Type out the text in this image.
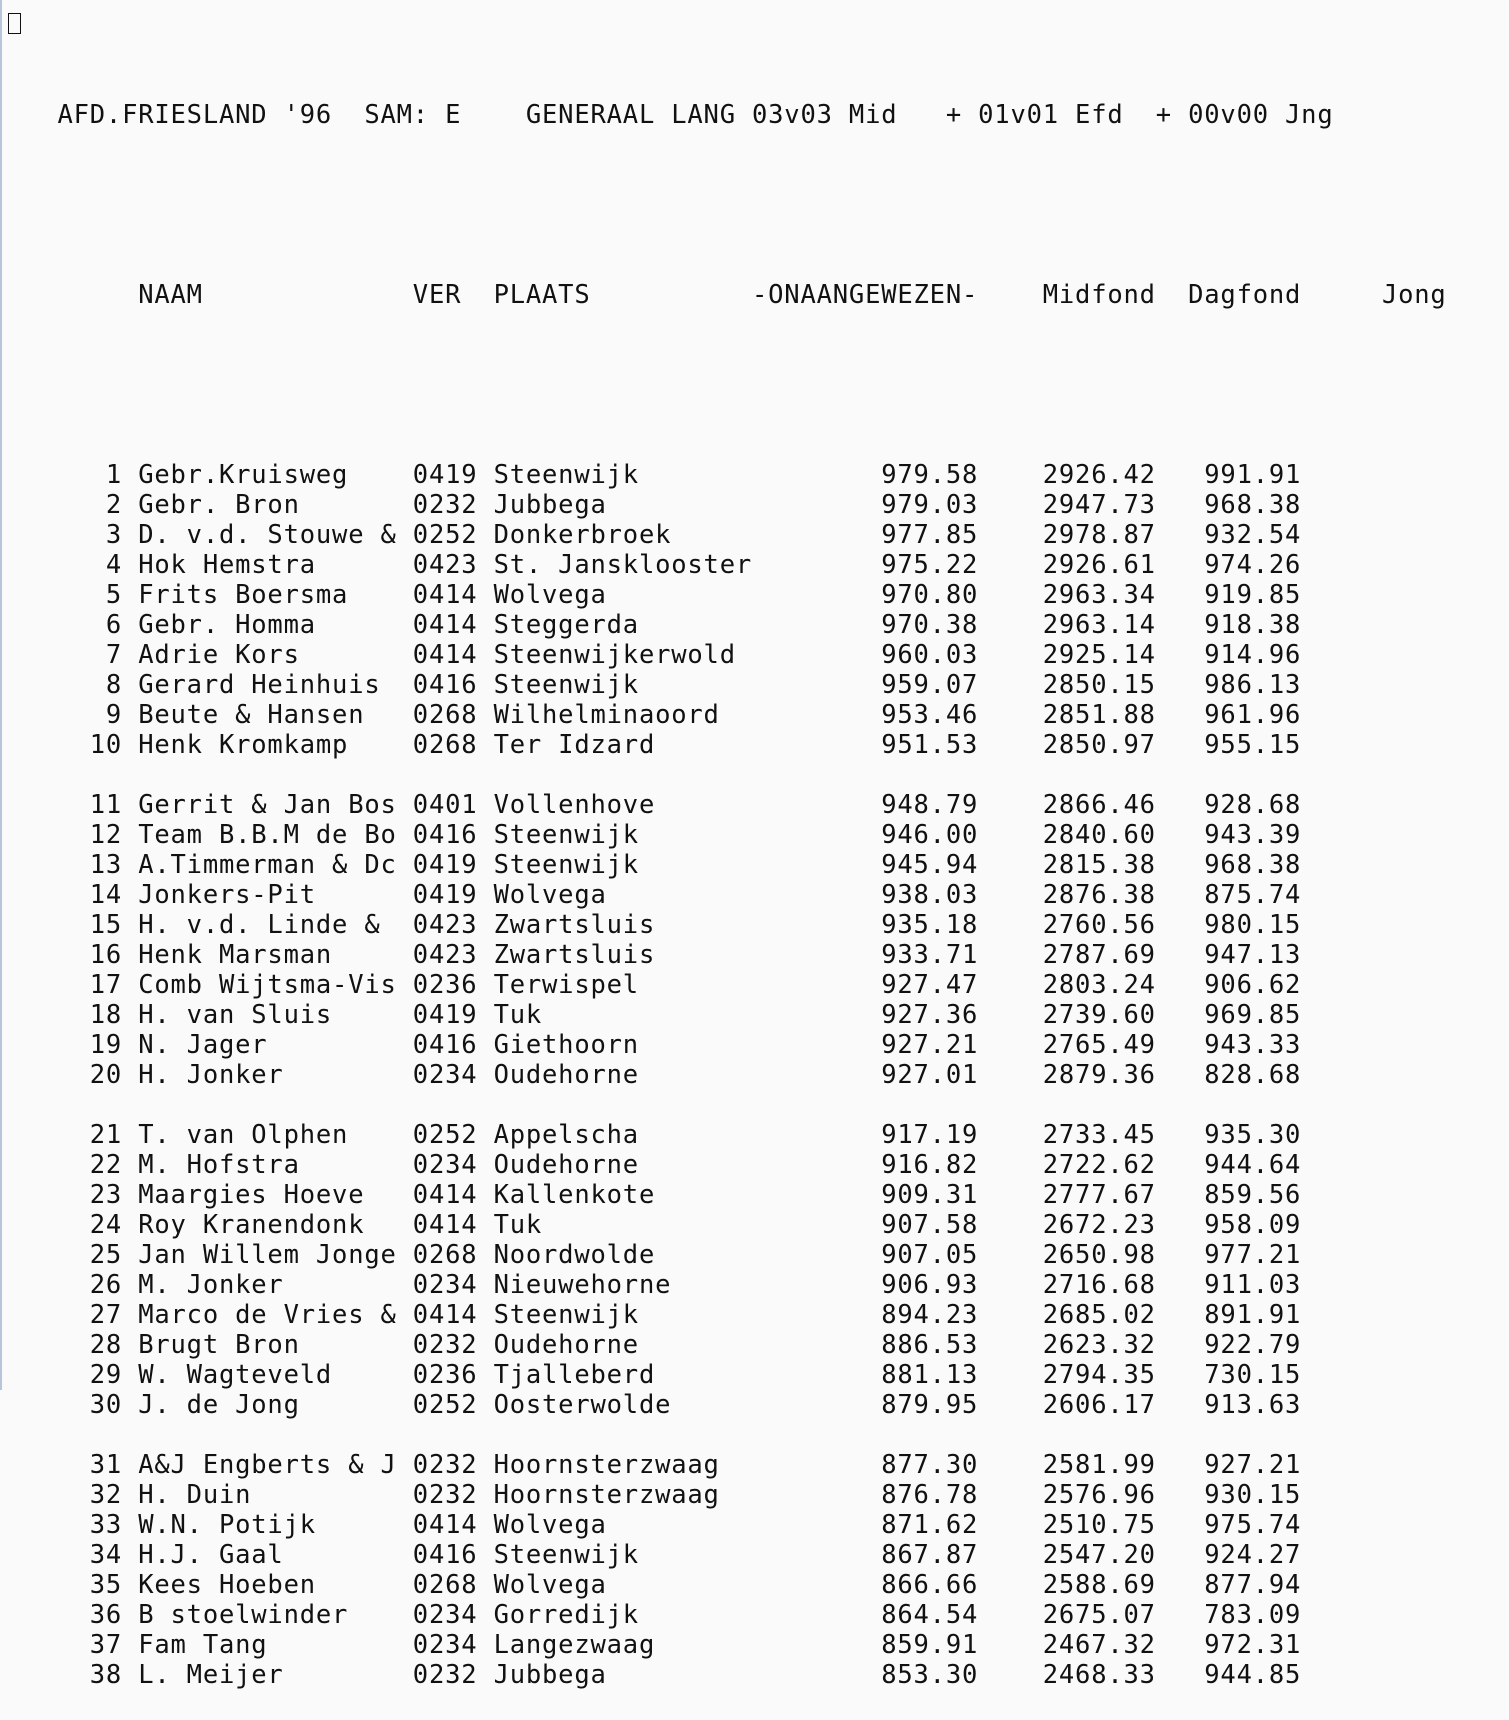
AFD.FRIESLAND '96  SAM: E    GENERAAL LANG 03v03 Mid   + 01v01 Efd  + 00v00 Jng

NAAM             VER  PLAATS          -ONAANGEWEZEN-    Midfond  Dagfond     Jong

1 Gebr.Kruisweg    0419 Steenwijk               979.58    2926.42   991.91
2 Gebr. Bron       0232 Jubbega                 979.03    2947.73   968.38
3 D. v.d. Stouwe & 0252 Donkerbroek             977.85    2978.87   932.54
4 Hok Hemstra      0423 St. Jansklooster        975.22    2926.61   974.26
5 Frits Boersma    0414 Wolvega                 970.80    2963.34   919.85
6 Gebr. Homma      0414 Steggerda               970.38    2963.14   918.38
7 Adrie Kors       0414 Steenwijkerwold         960.03    2925.14   914.96
8 Gerard Heinhuis  0416 Steenwijk               959.07    2850.15   986.13
9 Beute & Hansen   0268 Wilhelminaoord          953.46    2851.88   961.96
10 Henk Kromkamp    0268 Ter Idzard              951.53    2850.97   955.15
11 Gerrit & Jan Bos 0401 Vollenhove              948.79    2866.46   928.68
12 Team B.B.M de Bo 0416 Steenwijk               946.00    2840.60   943.39
13 A.Timmerman & Dc 0419 Steenwijk               945.94    2815.38   968.38
14 Jonkers-Pit      0419 Wolvega                 938.03    2876.38   875.74
15 H. v.d. Linde &  0423 Zwartsluis              935.18    2760.56   980.15
16 Henk Marsman     0423 Zwartsluis              933.71    2787.69   947.13
17 Comb Wijtsma-Vis 0236 Terwispel               927.47    2803.24   906.62
18 H. van Sluis     0419 Tuk                     927.36    2739.60   969.85
19 N. Jager         0416 Giethoorn               927.21    2765.49   943.33
20 H. Jonker        0234 Oudehorne               927.01    2879.36   828.68
21 T. van Olphen    0252 Appelscha               917.19    2733.45   935.30
22 M. Hofstra       0234 Oudehorne               916.82    2722.62   944.64
23 Maargies Hoeve   0414 Kallenkote              909.31    2777.67   859.56
24 Roy Kranendonk   0414 Tuk                     907.58    2672.23   958.09
25 Jan Willem Jonge 0268 Noordwolde              907.05    2650.98   977.21
26 M. Jonker        0234 Nieuwehorne             906.93    2716.68   911.03
27 Marco de Vries & 0414 Steenwijk               894.23    2685.02   891.91
28 Brugt Bron       0232 Oudehorne               886.53    2623.32   922.79
29 W. Wagteveld     0236 Tjalleberd              881.13    2794.35   730.15
30 J. de Jong       0252 Oosterwolde             879.95    2606.17   913.63
31 A&J Engberts & J 0232 Hoornsterzwaag          877.30    2581.99   927.21
32 H. Duin          0232 Hoornsterzwaag          876.78    2576.96   930.15
33 W.N. Potijk      0414 Wolvega                 871.62    2510.75   975.74
34 H.J. Gaal        0416 Steenwijk               867.87    2547.20   924.27
35 Kees Hoeben      0268 Wolvega                 866.66    2588.69   877.94
36 B stoelwinder    0234 Gorredijk               864.54    2675.07   783.09
37 Fam Tang         0234 Langezwaag              859.91    2467.32   972.31
38 L. Meijer        0232 Jubbega                 853.30    2468.33   944.85
